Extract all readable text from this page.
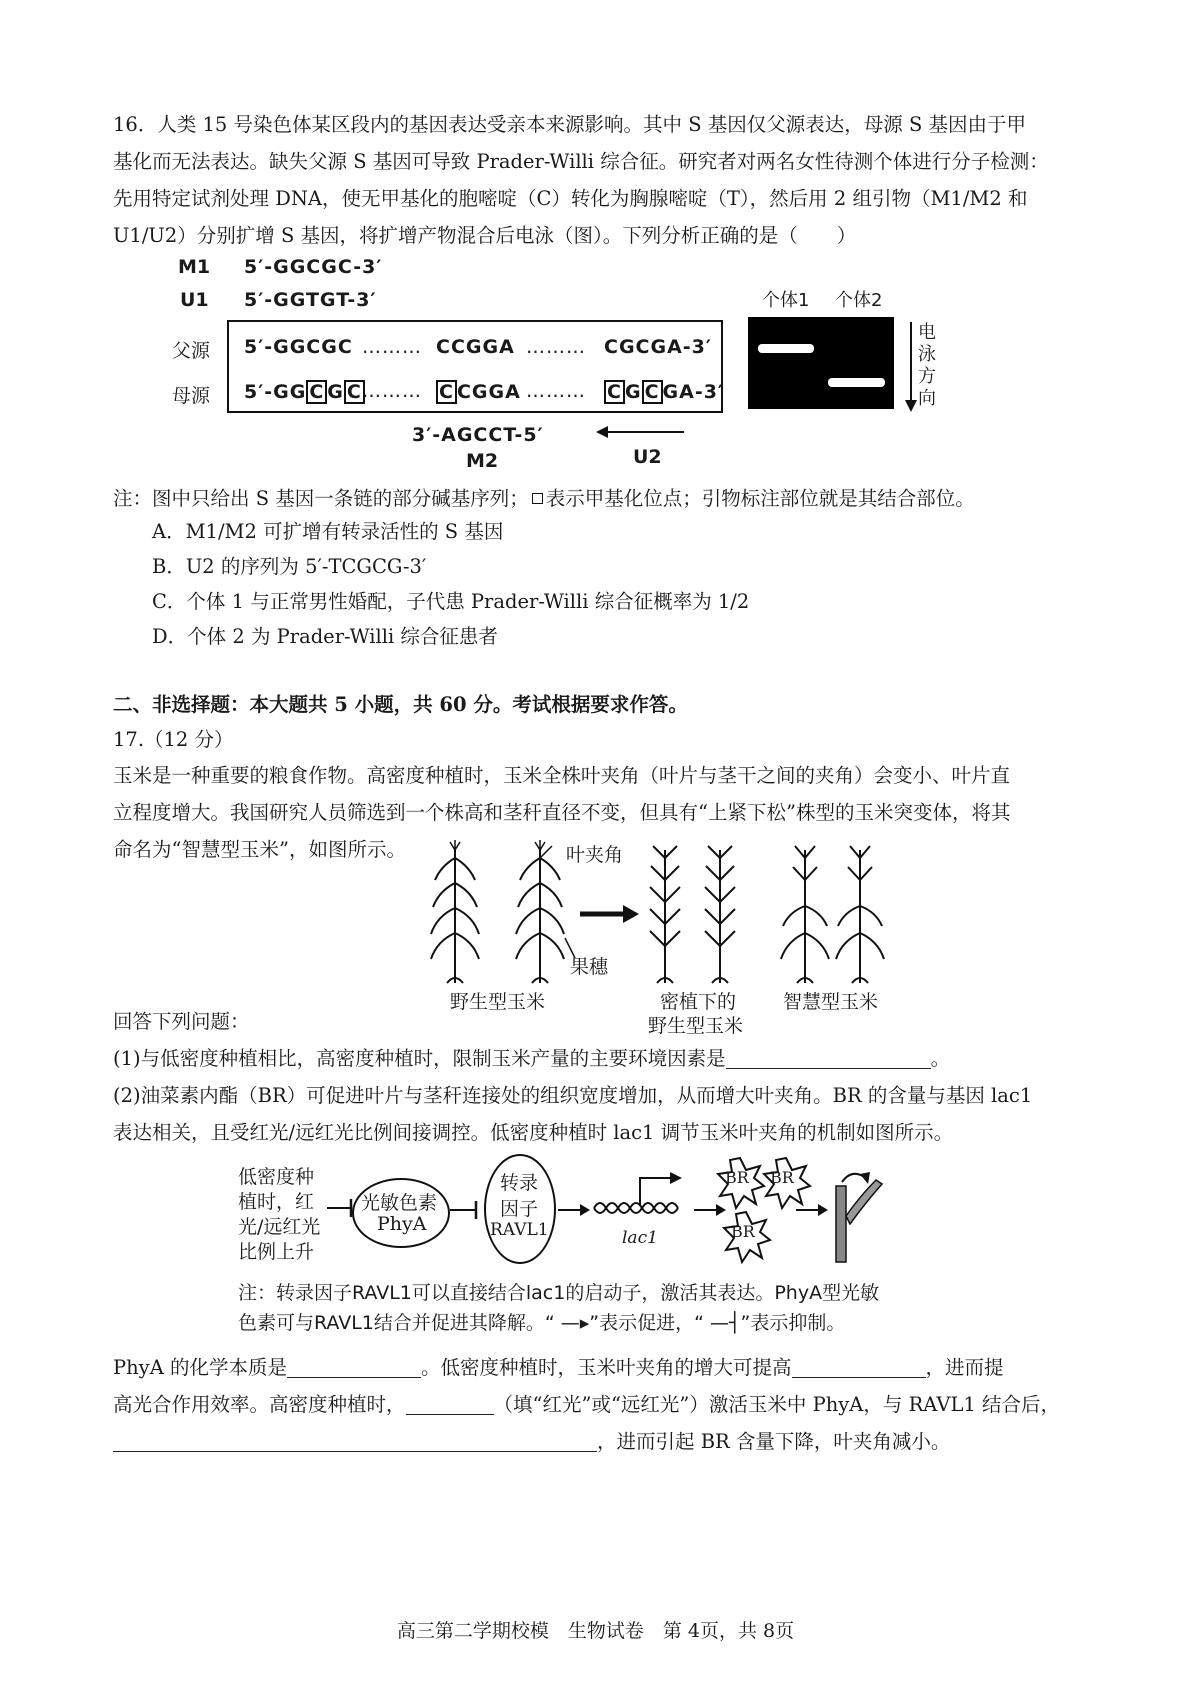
16．人类 15 号染色体某区段内的基因表达受亲本来源影响。其中 S 基因仅父源表达，母源 S 基因由于甲
基化而无法表达。缺失父源 S 基因可导致 Prader-Willi 综合征。研究者对两名女性待测个体进行分子检测：
先用特定试剂处理 DNA，使无甲基化的胞嘧啶（C）转化为胸腺嘧啶（T），然后用 2 组引物（M1/M2 和
U1/U2）分别扩增 S 基因，将扩增产物混合后电泳（图）。下列分析正确的是（　　）
M1 5′-GGCGC-3′
U1 5′-GGTGT-3′
父源
母源
5′-GGCGC ……… CCGGA ……… CGCGA-3′
5′-GG C G C ……… C CGGA ……… C G C GA-3′
3′-AGCCT-5′
M2	U2
个体1 个体2
电
泳
方
向
注：图中只给出 S 基因一条链的部分碱基序列； 表示甲基化位点；引物标注部位就是其结合部位。
A．M1/M2 可扩增有转录活性的 S 基因
B．U2 的序列为 5′-TCGCG-3′
C．个体 1 与正常男性婚配，子代患 Prader-Willi 综合征概率为 1/2
D．个体 2 为 Prader-Willi 综合征患者
二、非选择题：本大题共 5 小题，共 60 分。考试根据要求作答。
17.（12 分）
玉米是一种重要的粮食作物。高密度种植时，玉米全株叶夹角（叶片与茎干之间的夹角）会变小、叶片直
立程度增大。我国研究人员筛选到一个株高和茎秆直径不变，但具有“上紧下松”株型的玉米突变体，将其
命名为“智慧型玉米”，如图所示。	叶夹角
果穗
野生型玉米	密植下的
野生型玉米
智慧型玉米
回答下列问题：
(1)与低密度种植相比，高密度种植时，限制玉米产量的主要环境因素是	。
(2)油菜素内酯（BR）可促进叶片与茎秆连接处的组织宽度增加，从而增大叶夹角。BR 的含量与基因 lac1
表达相关，且受红光/远红光比例间接调控。低密度种植时 lac1 调节玉米叶夹角的机制如图所示。
低密度种
植时，红
光/远红光
比例上升
光敏色素
PhyA
转录
因子
RAVL1	lac1
BR BR
BR
注：转录因子RAVL1可以直接结合lac1的启动子，激活其表达。PhyA型光敏
色素可与RAVL1结合并促进其降解。“ —▸”表示促进，“ —┤”表示抑制。
PhyA 的化学本质是	。低密度种植时，玉米叶夹角的增大可提高	，进而提
高光合作用效率。高密度种植时，	（填“红光”或“远红光”）激活玉米中 PhyA，与 RAVL1 结合后，
，进而引起 BR 含量下降，叶夹角减小。
高三第二学期校模　生物试卷　第 4页，共 8页
